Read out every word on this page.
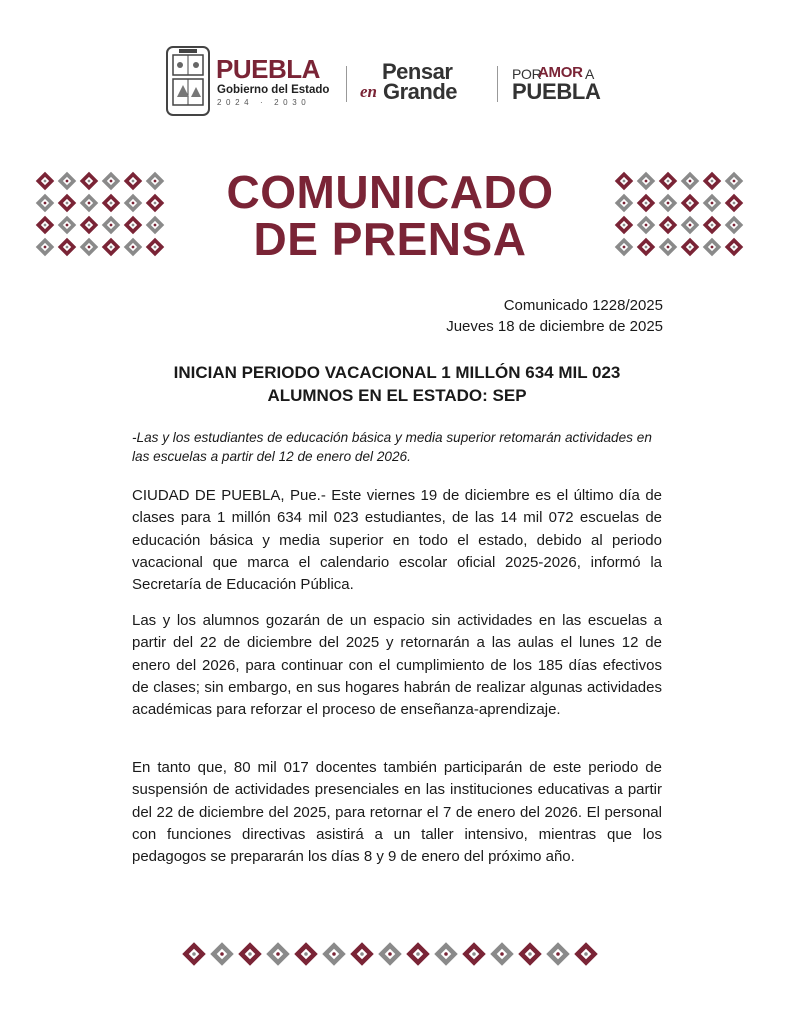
PUEBLA
Gobierno del Estado
2024 · 2030
Pensar
en Grande
POR
AMOR A
PUEBLA
COMUNICADO
DE PRENSA
Comunicado 1228/2025
Jueves 18 de diciembre de 2025
INICIAN PERIODO VACACIONAL 1 MILLÓN 634 MIL 023 ALUMNOS EN EL ESTADO: SEP
-Las y los estudiantes de educación básica y media superior retomarán actividades en las escuelas a partir del 12 de enero del 2026.
CIUDAD DE PUEBLA, Pue.- Este viernes 19 de diciembre es el último día de clases para 1 millón 634 mil 023 estudiantes, de las 14 mil 072 escuelas de educación básica y media superior en todo el estado, debido al periodo vacacional que marca el calendario escolar oficial 2025-2026, informó la Secretaría de Educación Pública.
Las y los alumnos gozarán de un espacio sin actividades en las escuelas a partir del 22 de diciembre del 2025 y retornarán a las aulas el lunes 12 de enero del 2026, para continuar con el cumplimiento de los 185 días efectivos de clases; sin embargo, en sus hogares habrán de realizar algunas actividades académicas para reforzar el proceso de enseñanza-aprendizaje.
En tanto que, 80 mil 017 docentes también participarán de este periodo de suspensión de actividades presenciales en las instituciones educativas a partir del 22 de diciembre del 2025, para retornar el 7 de enero del 2026. El personal con funciones directivas asistirá a un taller intensivo, mientras que los pedagogos se prepararán los días 8 y 9 de enero del próximo año.
